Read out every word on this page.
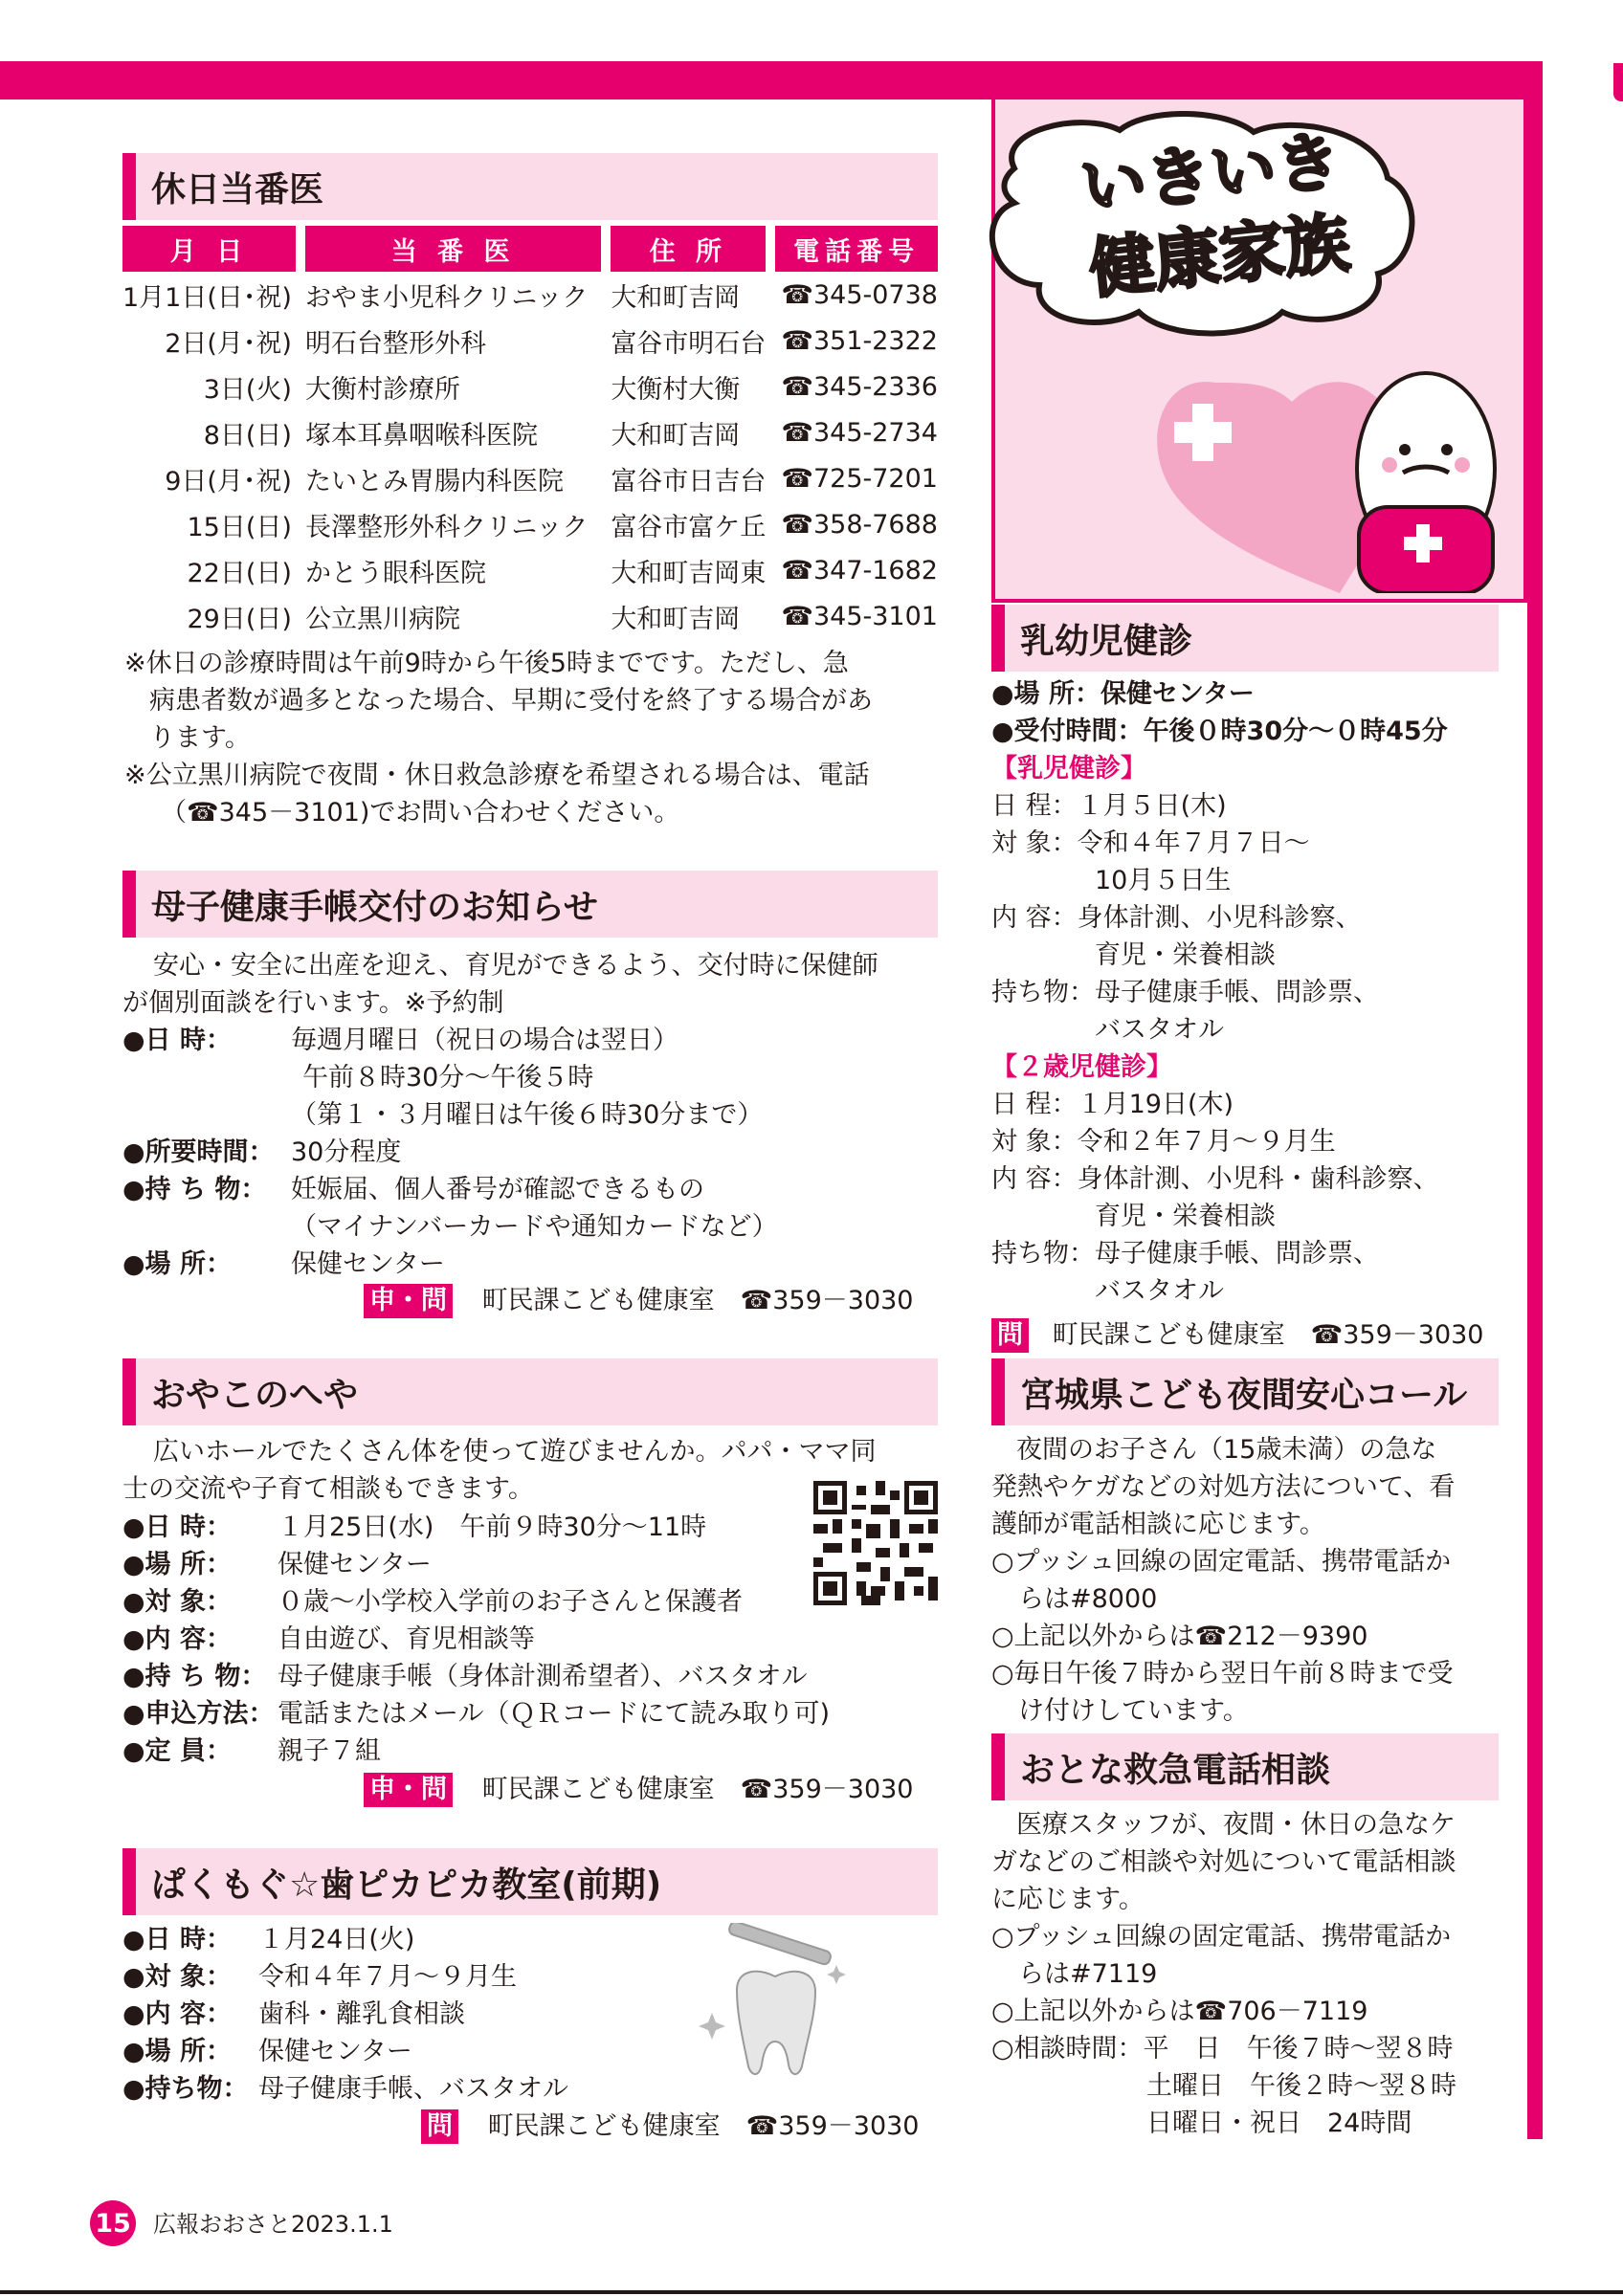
休日当番医
月 日		当 番 医		住 所		電話番号
1月1日(日･祝)		おやま小児科クリニック		大和町吉岡		☎345-0738
2日(月･祝)		明石台整形外科		富谷市明石台		☎351-2322
3日(火)		大衡村診療所		大衡村大衡		☎345-2336
8日(日)		塚本耳鼻咽喉科医院		大和町吉岡		☎345-2734
9日(月･祝)		たいとみ胃腸内科医院		富谷市日吉台		☎725-7201
15日(日)		長澤整形外科クリニック		富谷市富ケ丘		☎358-7688
22日(日)		かとう眼科医院		大和町吉岡東		☎347-1682
29日(日)		公立黒川病院		大和町吉岡		☎345-3101
※休日の診療時間は午前9時から午後5時までです。ただし、急
病患者数が過多となった場合、早期に受付を終了する場合があ
ります。
※公立黒川病院で夜間・休日救急診療を希望される場合は、電話
（☎345－3101)でお問い合わせください。
母子健康手帳交付のお知らせ
安心・安全に出産を迎え、育児ができるよう、交付時に保健師
が個別面談を行います。※予約制
●日 時： 毎週月曜日（祝日の場合は翌日）
午前８時30分～午後５時
（第１・３月曜日は午後６時30分まで）
●所要時間： 30分程度
●持 ち 物： 妊娠届、個人番号が確認できるもの
（マイナンバーカードや通知カードなど）
●場 所： 保健センター
申・問 町民課こども健康室　☎359－3030
おやこのへや
広いホールでたくさん体を使って遊びませんか。パパ・ママ同
士の交流や子育て相談もできます。
●日 時： １月25日(水)　午前９時30分～11時
●場 所： 保健センター
●対 象： ０歳～小学校入学前のお子さんと保護者
●内 容： 自由遊び、育児相談等
●持 ち 物： 母子健康手帳（身体計測希望者）、バスタオル
●申込方法： 電話またはメール（ＱＲコードにて読み取り可)
●定 員： 親子７組
申・問 町民課こども健康室　☎359－3030
ぱくもぐ☆歯ピカピカ教室(前期)
●日 時： １月24日(火)
●対 象： 令和４年７月～９月生
●内 容： 歯科・離乳食相談
●場 所： 保健センター
●持ち物： 母子健康手帳、バスタオル
問 町民課こども健康室　☎359－3030
いきいき
健康家族
乳幼児健診
●場 所：保健センター
●受付時間：午後０時30分～０時45分
【乳児健診】
日 程：１月５日(木)
対 象：令和４年７月７日～
　　　　10月５日生
内 容：身体計測、小児科診察、
　　　　育児・栄養相談
持ち物：母子健康手帳、問診票、
　　　　バスタオル
【２歳児健診】
日 程：１月19日(木)
対 象：令和２年７月～９月生
内 容：身体計測、小児科・歯科診察、
　　　　育児・栄養相談
持ち物：母子健康手帳、問診票、
　　　　バスタオル
問 町民課こども健康室　☎359－3030
宮城県こども夜間安心コール
夜間のお子さん（15歳未満）の急な
発熱やケガなどの対処方法について、看
護師が電話相談に応じます。
○プッシュ回線の固定電話、携帯電話か
らは#8000
○上記以外からは☎212－9390
○毎日午後７時から翌日午前８時まで受
け付けしています。
おとな救急電話相談
医療スタッフが、夜間・休日の急なケ
ガなどのご相談や対処について電話相談
に応じます。
○プッシュ回線の固定電話、携帯電話か
らは#7119
○上記以外からは☎706－7119
○相談時間：平　日　午後７時～翌８時
　　　　　　土曜日　午後２時～翌８時
　　　　　　日曜日・祝日　24時間
15 広報おおさと2023.1.1
